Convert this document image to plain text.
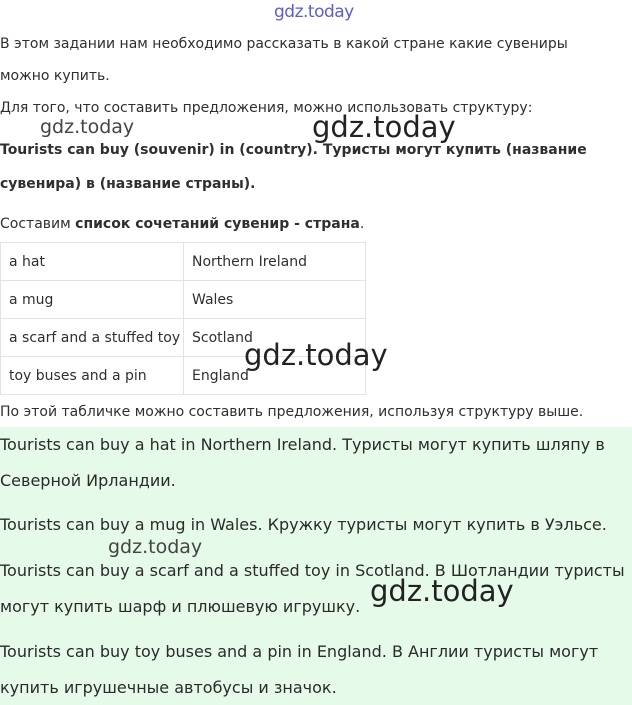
gdz.today
В этом задании нам необходимо рассказать в какой стране какие сувениры
можно купить.
Для того, что составить предложения, можно использовать структуру:
gdz.today	gdz.today
Tourists can buy (souvenir) in (country). Туристы могут купить (название
сувенира) в (название страны).
Составим список сочетаний сувенир - страна.
a hat	Northern Ireland
a mug	Wales
a scarf and a stuffed toy	Scotland
toy buses and a pin	England
gdz.today
По этой табличке можно составить предложения, используя структуру выше.
Tourists can buy a hat in Northern Ireland. Туристы могут купить шляпу в
Северной Ирландии.
Tourists can buy a mug in Wales. Кружку туристы могут купить в Уэльсе.
gdz.today
Tourists can buy a scarf and a stuffed toy in Scotland. В Шотландии туристы
могут купить шарф и плюшевую игрушку. gdz.today
Tourists can buy toy buses and a pin in England. В Англии туристы могут
купить игрушечные автобусы и значок.
